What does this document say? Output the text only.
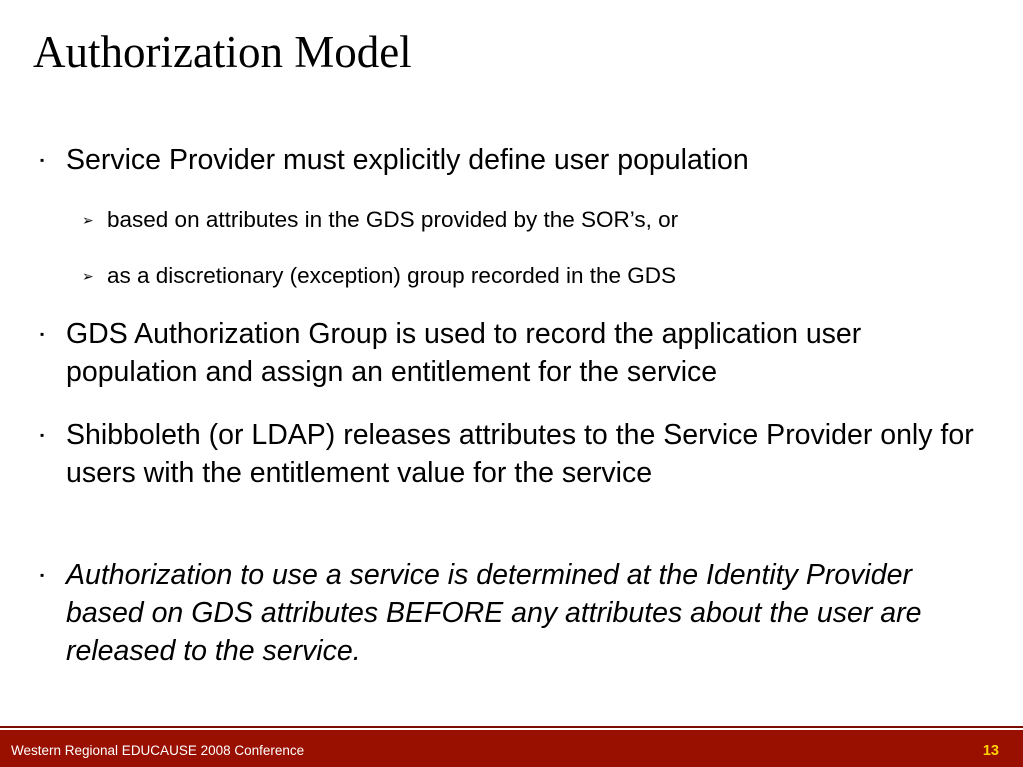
Authorization Model
▪ Service Provider must explicitly define user population
➢ based on attributes in the GDS provided by the SOR’s, or
➢ as a discretionary (exception) group recorded in the GDS
▪ GDS Authorization Group is used to record the application user population and assign an entitlement for the service
▪ Shibboleth (or LDAP) releases attributes to the Service Provider only for users with the entitlement value for the service
▪ Authorization to use a service is determined at the Identity Provider based on GDS attributes BEFORE any attributes about the user are released to the service.
Western Regional EDUCAUSE 2008 Conference	13
